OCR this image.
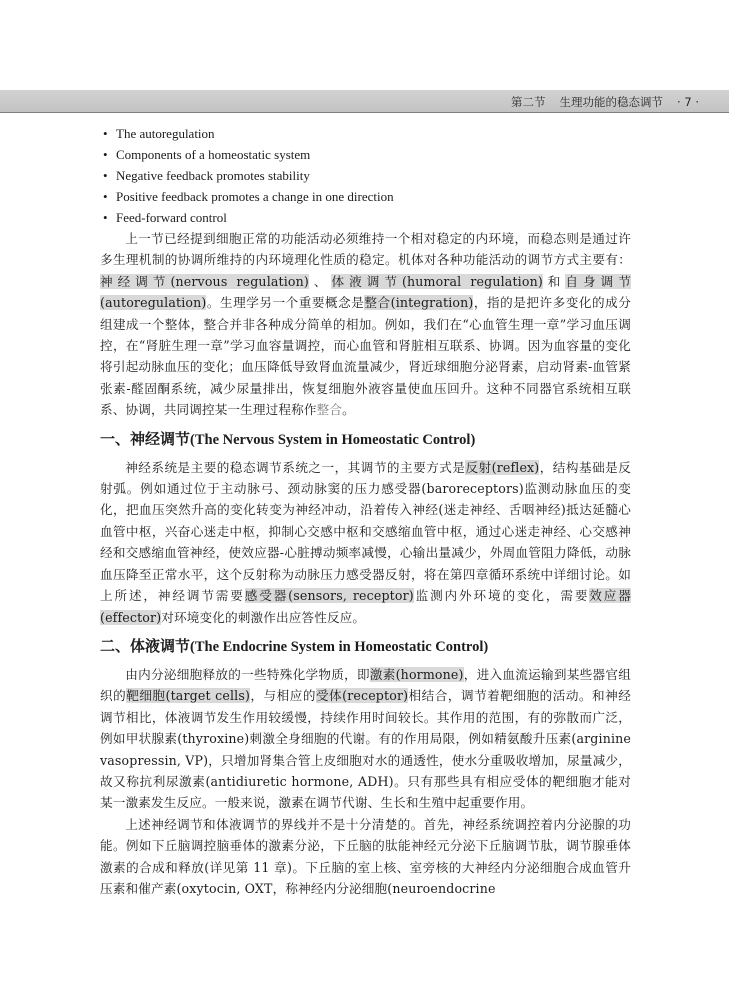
第二节 生理功能的稳态调节 · 7 ·
• The autoregulation
• Components of a homeostatic system
• Negative feedback promotes stability
• Positive feedback promotes a change in one direction
• Feed-forward control

上一节已经提到细胞正常的功能活动必须维持一个相对稳定的内环境，而稳态则是通过许多生理机制的协调所维持的内环境理化性质的稳定。机体对各种功能活动的调节方式主要有：神经调节(nervous regulation)、体液调节(humoral regulation)和自身调节(autoregulation)。生理学另一个重要概念是整合(integration)，指的是把许多变化的成分组建成一个整体，整合并非各种成分简单的相加。例如，我们在“心血管生理一章”学习血压调控，在“肾脏生理一章”学习血容量调控，而心血管和肾脏相互联系、协调。因为血容量的变化将引起动脉血压的变化；血压降低导致肾血流量减少，肾近球细胞分泌肾素，启动肾素-血管紧张素-醛固酮系统，减少尿量排出，恢复细胞外液容量使血压回升。这种不同器官系统相互联系、协调，共同调控某一生理过程称作整合。

一、神经调节(The Nervous System in Homeostatic Control)

神经系统是主要的稳态调节系统之一，其调节的主要方式是反射(reflex)，结构基础是反射弧。例如通过位于主动脉弓、颈动脉窦的压力感受器(baroreceptors)监测动脉血压的变化，把血压突然升高的变化转变为神经冲动，沿着传入神经(迷走神经、舌咽神经)抵达延髓心血管中枢，兴奋心迷走中枢，抑制心交感中枢和交感缩血管中枢，通过心迷走神经、心交感神经和交感缩血管神经，使效应器-心脏搏动频率减慢，心输出量减少，外周血管阻力降低，动脉血压降至正常水平，这个反射称为动脉压力感受器反射，将在第四章循环系统中详细讨论。如上所述，神经调节需要感受器(sensors, receptor)监测内外环境的变化，需要效应器(effector)对环境变化的刺激作出应答性反应。

二、体液调节(The Endocrine System in Homeostatic Control)

由内分泌细胞释放的一些特殊化学物质，即激素(hormone)，进入血流运输到某些器官组织的靶细胞(target cells)，与相应的受体(receptor)相结合，调节着靶细胞的活动。和神经调节相比，体液调节发生作用较缓慢，持续作用时间较长。其作用的范围，有的弥散而广泛，例如甲状腺素(thyroxine)刺激全身细胞的代谢。有的作用局限，例如精氨酸升压素(arginine vasopressin, VP)，只增加肾集合管上皮细胞对水的通透性，使水分重吸收增加，尿量减少，故又称抗利尿激素(antidiuretic hormone, ADH)。只有那些具有相应受体的靶细胞才能对某一激素发生反应。一般来说，激素在调节代谢、生长和生殖中起重要作用。

上述神经调节和体液调节的界线并不是十分清楚的。首先，神经系统调控着内分泌腺的功能。例如下丘脑调控脑垂体的激素分泌，下丘脑的肽能神经元分泌下丘脑调节肽，调节腺垂体激素的合成和释放(详见第 11 章)。下丘脑的室上核、室旁核的大神经内分泌细胞合成血管升压素和催产素(oxytocin, OXT，称神经内分泌细胞(neuroendocrine
